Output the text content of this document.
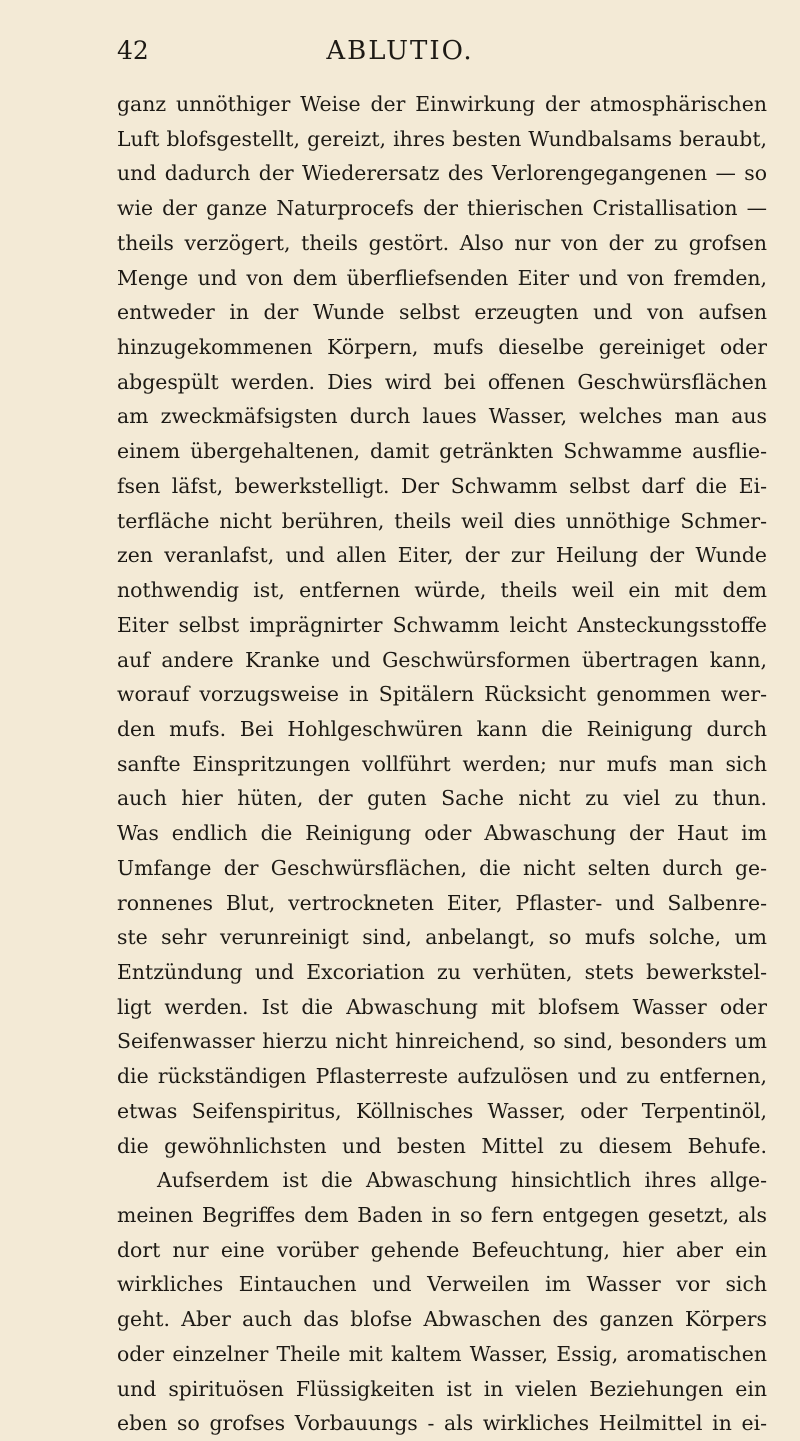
42	ABLUTIO.
ganz unnöthiger Weise der Einwirkung der atmosphärischen
Luft blofsgestellt, gereizt, ihres besten Wundbalsams beraubt,
und dadurch der Wiederersatz des Verlorengegangenen — so
wie der ganze Naturprocefs der thierischen Cristallisation —
theils verzögert, theils gestört. Also nur von der zu grofsen
Menge und von dem überfliefsenden Eiter und von fremden,
entweder in der Wunde selbst erzeugten und von aufsen
hinzugekommenen Körpern, mufs dieselbe gereiniget oder
abgespült werden. Dies wird bei offenen Geschwürsflächen
am zweckmäfsigsten durch laues Wasser, welches man aus
einem übergehaltenen, damit getränkten Schwamme ausflie-
fsen läfst, bewerkstelligt. Der Schwamm selbst darf die Ei-
terfläche nicht berühren, theils weil dies unnöthige Schmer-
zen veranlafst, und allen Eiter, der zur Heilung der Wunde
nothwendig ist, entfernen würde, theils weil ein mit dem
Eiter selbst imprägnirter Schwamm leicht Ansteckungsstoffe
auf andere Kranke und Geschwürsformen übertragen kann,
worauf vorzugsweise in Spitälern Rücksicht genommen wer-
den mufs. Bei Hohlgeschwüren kann die Reinigung durch
sanfte Einspritzungen vollführt werden; nur mufs man sich
auch hier hüten, der guten Sache nicht zu viel zu thun.
Was endlich die Reinigung oder Abwaschung der Haut im
Umfange der Geschwürsflächen, die nicht selten durch ge-
ronnenes Blut, vertrockneten Eiter, Pflaster- und Salbenre-
ste sehr verunreinigt sind, anbelangt, so mufs solche, um
Entzündung und Excoriation zu verhüten, stets bewerkstel-
ligt werden. Ist die Abwaschung mit blofsem Wasser oder
Seifenwasser hierzu nicht hinreichend, so sind, besonders um
die rückständigen Pflasterreste aufzulösen und zu entfernen,
etwas Seifenspiritus, Köllnisches Wasser, oder Terpentinöl,
die gewöhnlichsten und besten Mittel zu diesem Behufe.
Aufserdem ist die Abwaschung hinsichtlich ihres allge-
meinen Begriffes dem Baden in so fern entgegen gesetzt, als
dort nur eine vorüber gehende Befeuchtung, hier aber ein
wirkliches Eintauchen und Verweilen im Wasser vor sich
geht. Aber auch das blofse Abwaschen des ganzen Körpers
oder einzelner Theile mit kaltem Wasser, Essig, aromatischen
und spirituösen Flüssigkeiten ist in vielen Beziehungen ein
eben so grofses Vorbauungs - als wirkliches Heilmittel in ei-
